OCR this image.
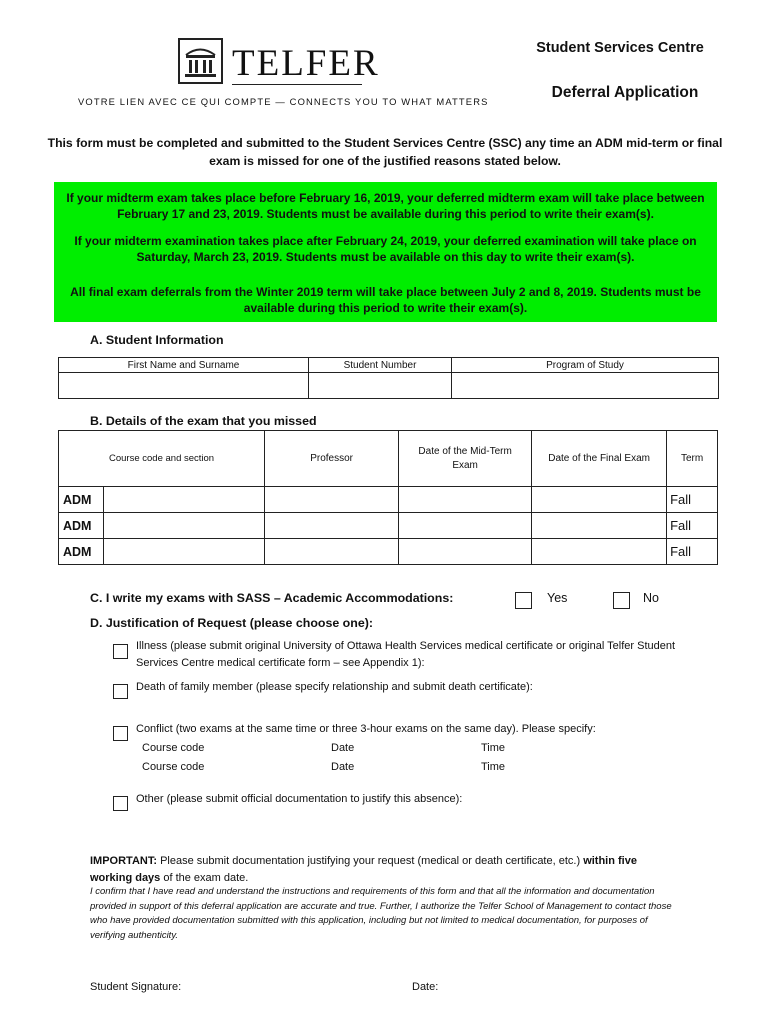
TELFER
VOTRE LIEN AVEC CE QUI COMPTE — CONNECTS YOU TO WHAT MATTERS
Student Services Centre
Deferral Application
This form must be completed and submitted to the Student Services Centre (SSC) any time an ADM mid-term or final exam is missed for one of the justified reasons stated below.

If your midterm exam takes place before February 16, 2019, your deferred midterm exam will take place between February 17 and 23, 2019. Students must be available during this period to write their exam(s).

If your midterm examination takes place after February 24, 2019, your deferred examination will take place on Saturday, March 23, 2019. Students must be available on this day to write their exam(s).

All final exam deferrals from the Winter 2019 term will take place between July 2 and 8, 2019. Students must be available during this period to write their exam(s).

A. Student Information
First Name and Surname	Student Number	Program of Study

B. Details of the exam that you missed
Course code and section		Professor	Date of the Mid-Term Exam	Date of the Final Exam	Term
ADM					Fall
ADM					Fall
ADM					Fall
C. I write my exams with SASS – Academic Accommodations:	Yes	No
D. Justification of Request (please choose one):
Illness (please submit original University of Ottawa Health Services medical certificate or original Telfer Student Services Centre medical certificate form – see Appendix 1):
Death of family member (please specify relationship and submit death certificate):
Conflict (two exams at the same time or three 3-hour exams on the same day). Please specify:
Course code	Date	Time
Course code	Date	Time
Other (please submit official documentation to justify this absence):
IMPORTANT: Please submit documentation justifying your request (medical or death certificate, etc.) within five working days of the exam date.
I confirm that I have read and understand the instructions and requirements of this form and that all the information and documentation provided in support of this deferral application are accurate and true. Further, I authorize the Telfer School of Management to contact those who have provided documentation submitted with this application, including but not limited to medical documentation, for purposes of verifying authenticity.
Student Signature:	Date:
